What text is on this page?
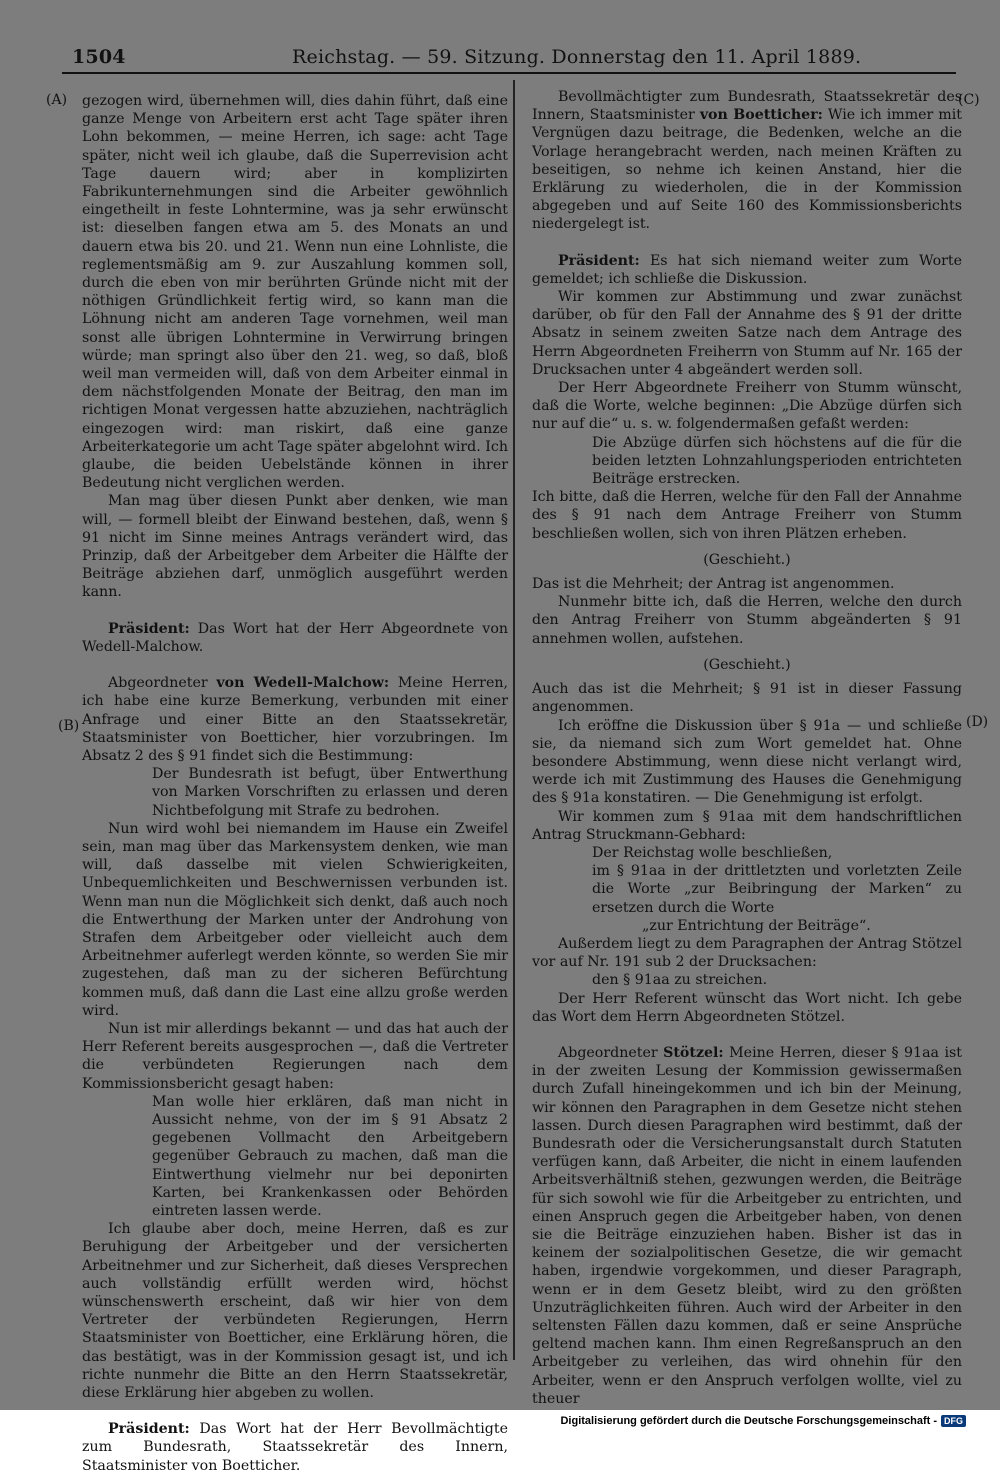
1504	Reichstag. — 59. Sitzung. Donnerstag den 11. April 1889.
(A)
(B)
(C)
(D)

gezogen wird, übernehmen will, dies dahin führt, daß eine ganze Menge von Arbeitern erst acht Tage später ihren Lohn bekommen, — meine Herren, ich sage: acht Tage später, nicht weil ich glaube, daß die Superrevision acht Tage dauern wird; aber in komplizirten Fabrikunternehmungen sind die Arbeiter gewöhnlich eingetheilt in feste Lohntermine, was ja sehr erwünscht ist: dieselben fangen etwa am 5. des Monats an und dauern etwa bis 20. und 21. Wenn nun eine Lohnliste, die reglementsmäßig am 9. zur Auszahlung kommen soll, durch die eben von mir berührten Gründe nicht mit der nöthigen Gründlichkeit fertig wird, so kann man die Löhnung nicht am anderen Tage vornehmen, weil man sonst alle übrigen Lohntermine in Verwirrung bringen würde; man springt also über den 21. weg, so daß, bloß weil man vermeiden will, daß von dem Arbeiter einmal in dem nächstfolgenden Monate der Beitrag, den man im richtigen Monat vergessen hatte abzuziehen, nachträglich eingezogen wird: man riskirt, daß eine ganze Arbeiterkategorie um acht Tage später abgelohnt wird. Ich glaube, die beiden Uebelstände können in ihrer Bedeutung nicht verglichen werden.

Man mag über diesen Punkt aber denken, wie man will, — formell bleibt der Einwand bestehen, daß, wenn § 91 nicht im Sinne meines Antrags verändert wird, das Prinzip, daß der Arbeitgeber dem Arbeiter die Hälfte der Beiträge abziehen darf, unmöglich ausgeführt werden kann.

Präsident: Das Wort hat der Herr Abgeordnete von Wedell-Malchow.

Abgeordneter von Wedell-Malchow: Meine Herren, ich habe eine kurze Bemerkung, verbunden mit einer Anfrage und einer Bitte an den Staatssekretär, Staatsminister von Boetticher, hier vorzubringen. Im Absatz 2 des § 91 findet sich die Bestimmung:

Der Bundesrath ist befugt, über Entwerthung von Marken Vorschriften zu erlassen und deren Nichtbefolgung mit Strafe zu bedrohen.

Nun wird wohl bei niemandem im Hause ein Zweifel sein, man mag über das Markensystem denken, wie man will, daß dasselbe mit vielen Schwierigkeiten, Unbequemlichkeiten und Beschwernissen verbunden ist. Wenn man nun die Möglichkeit sich denkt, daß auch noch die Entwerthung der Marken unter der Androhung von Strafen dem Arbeitgeber oder vielleicht auch dem Arbeitnehmer auferlegt werden könnte, so werden Sie mir zugestehen, daß man zu der sicheren Befürchtung kommen muß, daß dann die Last eine allzu große werden wird.

Nun ist mir allerdings bekannt — und das hat auch der Herr Referent bereits ausgesprochen —, daß die Vertreter die verbündeten Regierungen nach dem Kommissionsbericht gesagt haben:

Man wolle hier erklären, daß man nicht in Aussicht nehme, von der im § 91 Absatz 2 gegebenen Vollmacht den Arbeitgebern gegenüber Gebrauch zu machen, daß man die Eintwerthung vielmehr nur bei deponirten Karten, bei Krankenkassen oder Behörden eintreten lassen werde.

Ich glaube aber doch, meine Herren, daß es zur Beruhigung der Arbeitgeber und der versicherten Arbeitnehmer und zur Sicherheit, daß dieses Versprechen auch vollständig erfüllt werden wird, höchst wünschenswerth erscheint, daß wir hier von dem Vertreter der verbündeten Regierungen, Herrn Staatsminister von Boetticher, eine Erklärung hören, die das bestätigt, was in der Kommission gesagt ist, und ich richte nunmehr die Bitte an den Herrn Staatssekretär, diese Erklärung hier abgeben zu wollen.

Präsident: Das Wort hat der Herr Bevollmächtigte zum Bundesrath, Staatssekretär des Innern, Staatsminister von Boetticher.

Bevollmächtigter zum Bundesrath, Staatssekretär des Innern, Staatsminister von Boetticher: Wie ich immer mit Vergnügen dazu beitrage, die Bedenken, welche an die Vorlage herangebracht werden, nach meinen Kräften zu beseitigen, so nehme ich keinen Anstand, hier die Erklärung zu wiederholen, die in der Kommission abgegeben und auf Seite 160 des Kommissionsberichts niedergelegt ist.

Präsident: Es hat sich niemand weiter zum Worte gemeldet; ich schließe die Diskussion.

Wir kommen zur Abstimmung und zwar zunächst darüber, ob für den Fall der Annahme des § 91 der dritte Absatz in seinem zweiten Satze nach dem Antrage des Herrn Abgeordneten Freiherrn von Stumm auf Nr. 165 der Drucksachen unter 4 abgeändert werden soll.

Der Herr Abgeordnete Freiherr von Stumm wünscht, daß die Worte, welche beginnen: „Die Abzüge dürfen sich nur auf die“ u. s. w. folgendermaßen gefaßt werden:

Die Abzüge dürfen sich höchstens auf die für die beiden letzten Lohnzahlungsperioden entrichteten Beiträge erstrecken.

Ich bitte, daß die Herren, welche für den Fall der Annahme des § 91 nach dem Antrage Freiherr von Stumm beschließen wollen, sich von ihren Plätzen erheben.

(Geschieht.)

Das ist die Mehrheit; der Antrag ist angenommen.

Nunmehr bitte ich, daß die Herren, welche den durch den Antrag Freiherr von Stumm abgeänderten § 91 annehmen wollen, aufstehen.

(Geschieht.)

Auch das ist die Mehrheit; § 91 ist in dieser Fassung angenommen.

Ich eröffne die Diskussion über § 91a — und schließe sie, da niemand sich zum Wort gemeldet hat. Ohne besondere Abstimmung, wenn diese nicht verlangt wird, werde ich mit Zustimmung des Hauses die Genehmigung des § 91a konstatiren. — Die Genehmigung ist erfolgt.

Wir kommen zum § 91aa mit dem handschriftlichen Antrag Struckmann-Gebhard:

Der Reichstag wolle beschließen,

im § 91aa in der drittletzten und vorletzten Zeile die Worte „zur Beibringung der Marken“ zu ersetzen durch die Worte

„zur Entrichtung der Beiträge“.

Außerdem liegt zu dem Paragraphen der Antrag Stötzel vor auf Nr. 191 sub 2 der Drucksachen:

den § 91aa zu streichen.

Der Herr Referent wünscht das Wort nicht. Ich gebe das Wort dem Herrn Abgeordneten Stötzel.

Abgeordneter Stötzel: Meine Herren, dieser § 91aa ist in der zweiten Lesung der Kommission gewissermaßen durch Zufall hineingekommen und ich bin der Meinung, wir können den Paragraphen in dem Gesetze nicht stehen lassen. Durch diesen Paragraphen wird bestimmt, daß der Bundesrath oder die Versicherungsanstalt durch Statuten verfügen kann, daß Arbeiter, die nicht in einem laufenden Arbeitsverhältniß stehen, gezwungen werden, die Beiträge für sich sowohl wie für die Arbeitgeber zu entrichten, und einen Anspruch gegen die Arbeitgeber haben, von denen sie die Beiträge einzuziehen haben. Bisher ist das in keinem der sozialpolitischen Gesetze, die wir gemacht haben, irgendwie vorgekommen, und dieser Paragraph, wenn er in dem Gesetz bleibt, wird zu den größten Unzuträglichkeiten führen. Auch wird der Arbeiter in den seltensten Fällen dazu kommen, daß er seine Ansprüche geltend machen kann. Ihm einen Regreßanspruch an den Arbeitgeber zu verleihen, das wird ohnehin für den Arbeiter, wenn er den Anspruch verfolgen wollte, viel zu theuer

Digitalisierung gefördert durch die Deutsche Forschungsgemeinschaft - DFG
